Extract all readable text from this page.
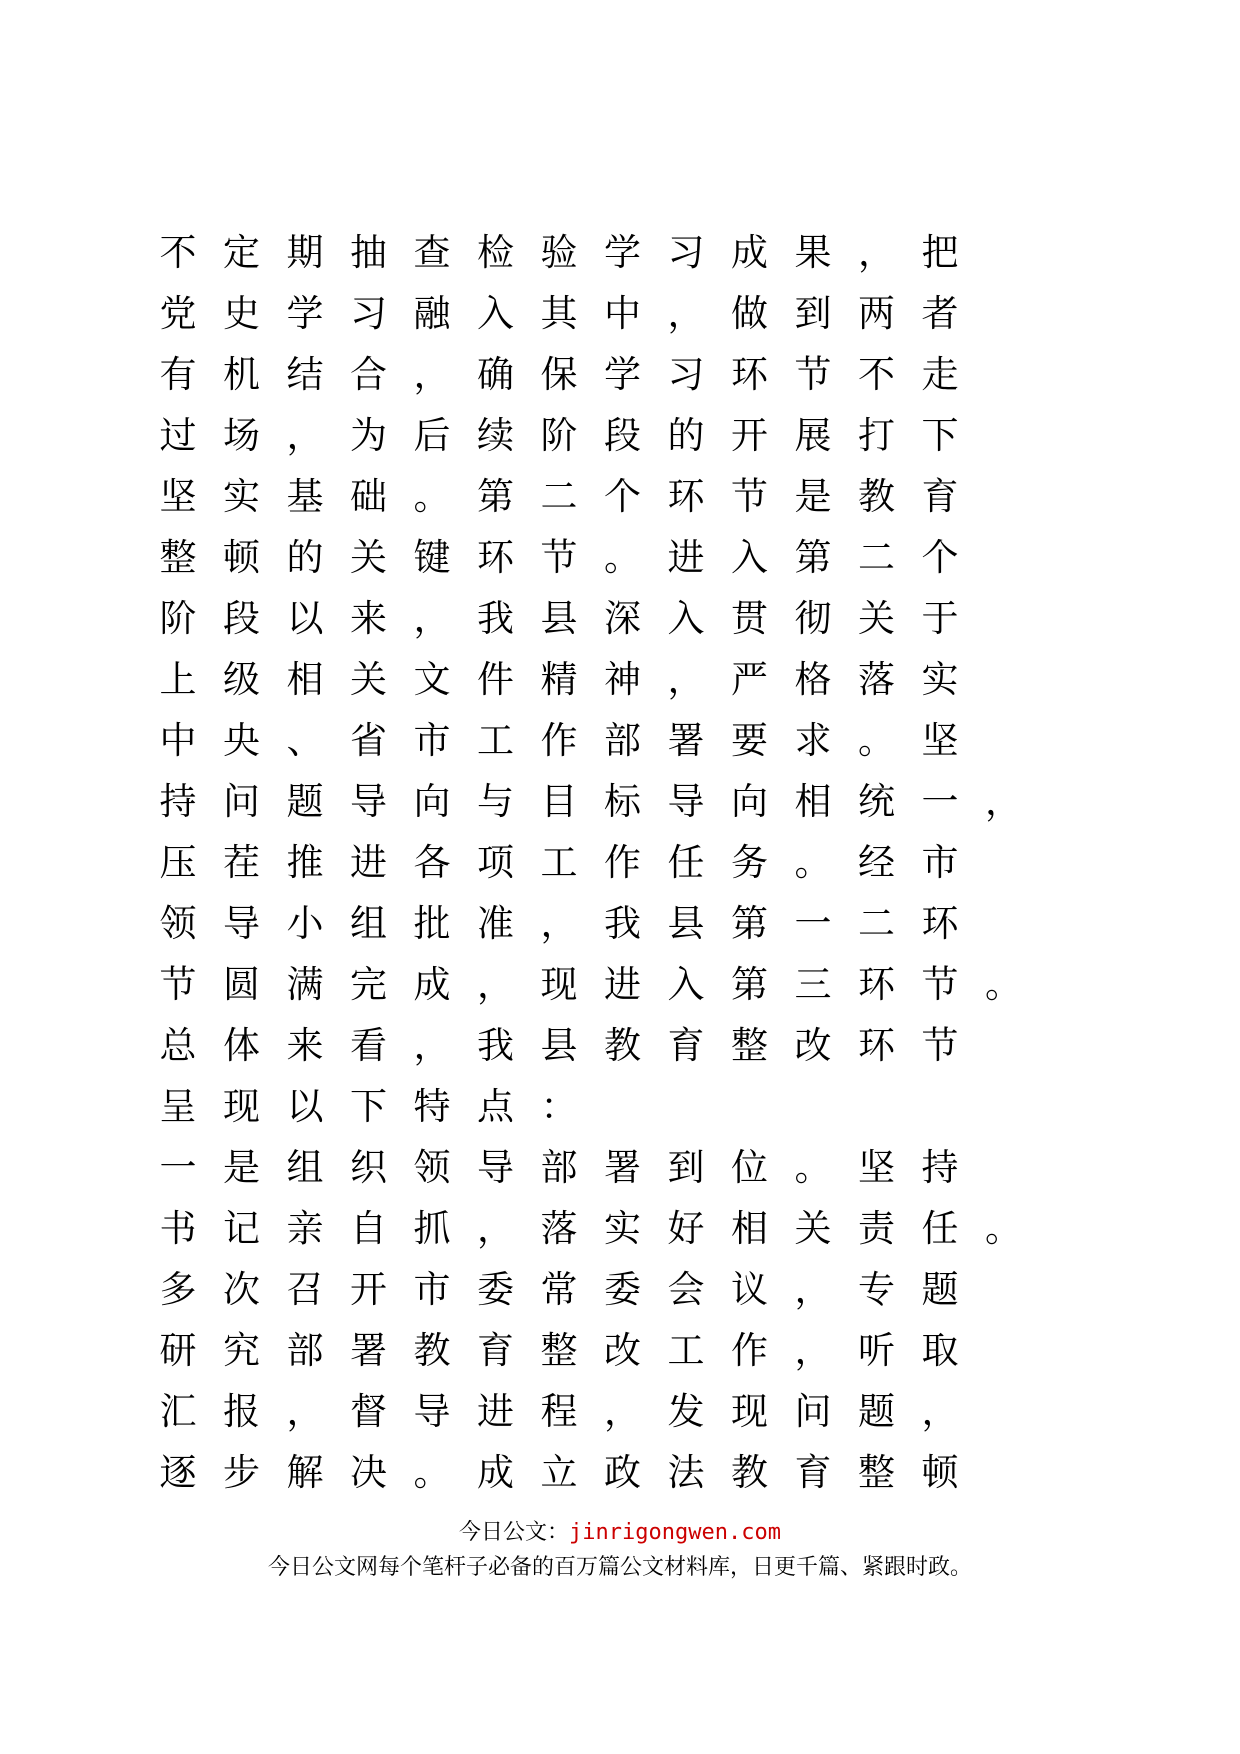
不 定 期 抽 查 检 验 学 习 成 果 ， 把
党 史 学 习 融 入 其 中 ， 做 到 两 者
有 机 结 合 ， 确 保 学 习 环 节 不 走
过 场 ， 为 后 续 阶 段 的 开 展 打 下
坚 实 基 础 。 第 二 个 环 节 是 教 育
整 顿 的 关 键 环 节 。 进 入 第 二 个
阶 段 以 来 ， 我 县 深 入 贯 彻 关 于
上 级 相 关 文 件 精 神 ， 严 格 落 实
中 央 、 省 市 工 作 部 署 要 求 。 坚
持 问 题 导 向 与 目 标 导 向 相 统 一 ，
压 茬 推 进 各 项 工 作 任 务 。 经 市
领 导 小 组 批 准 ， 我 县 第 一 二 环
节 圆 满 完 成 ， 现 进 入 第 三 环 节 。
总 体 来 看 ， 我 县 教 育 整 改 环 节
呈 现 以 下 特 点 ：
一 是 组 织 领 导 部 署 到 位 。 坚 持
书 记 亲 自 抓 ， 落 实 好 相 关 责 任 。
多 次 召 开 市 委 常 委 会 议 ， 专 题
研 究 部 署 教 育 整 改 工 作 ， 听 取
汇 报 ， 督 导 进 程 ， 发 现 问 题 ，
逐 步 解 决 。 成 立 政 法 教 育 整 顿

今日公文：jinrigongwen.com

今日公文网每个笔杆子必备的百万篇公文材料库，日更千篇、紧跟时政。
